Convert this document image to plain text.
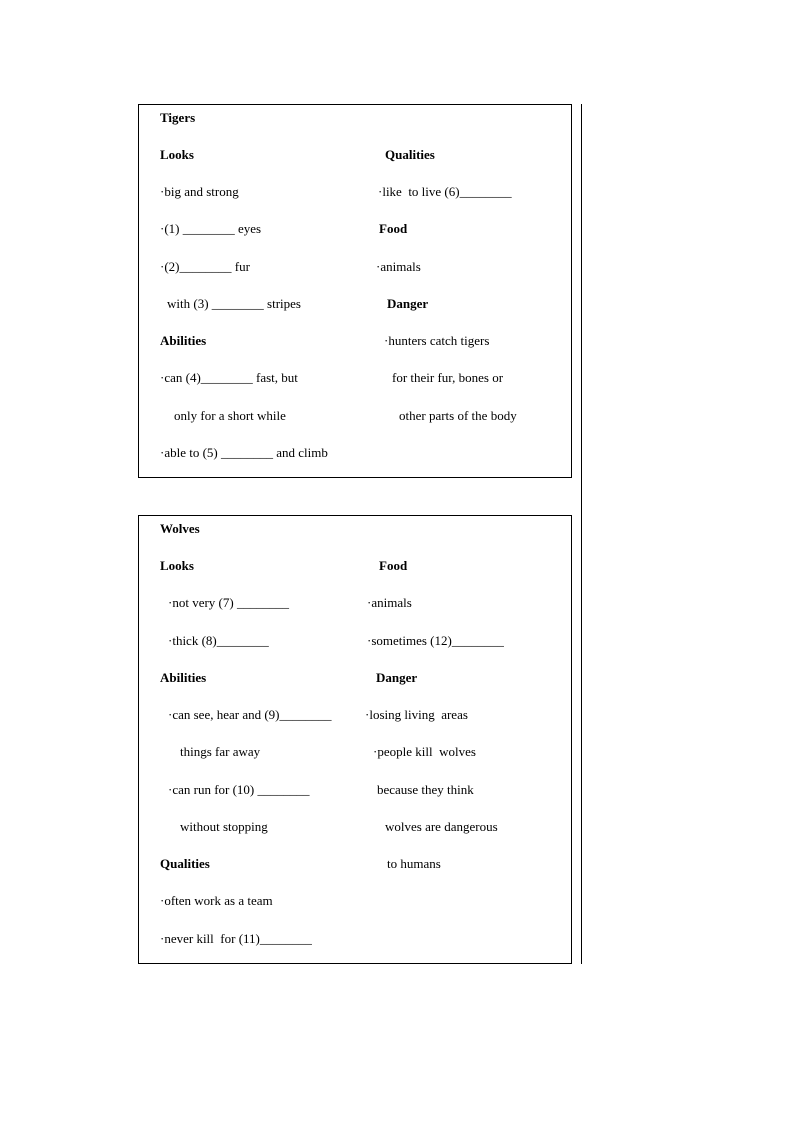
Tigers
Looks
·big and strong
·(1) ________ eyes
·(2)________ fur
with (3) ________ stripes
Abilities
·can (4)________ fast, but
only for a short while
·able to (5) ________ and climb
Qualities
·like  to live (6)________
Food
·animals
Danger
·hunters catch tigers
for their fur, bones or
other parts of the body
Wolves
Looks
·not very (7) ________
·thick (8)________
Abilities
·can see, hear and (9)________
things far away
·can run for (10) ________
without stopping
Qualities
·often work as a team
·never kill  for (11)________
Food
·animals
·sometimes (12)________
Danger
·losing living  areas
·people kill  wolves
because they think
wolves are dangerous
to humans
